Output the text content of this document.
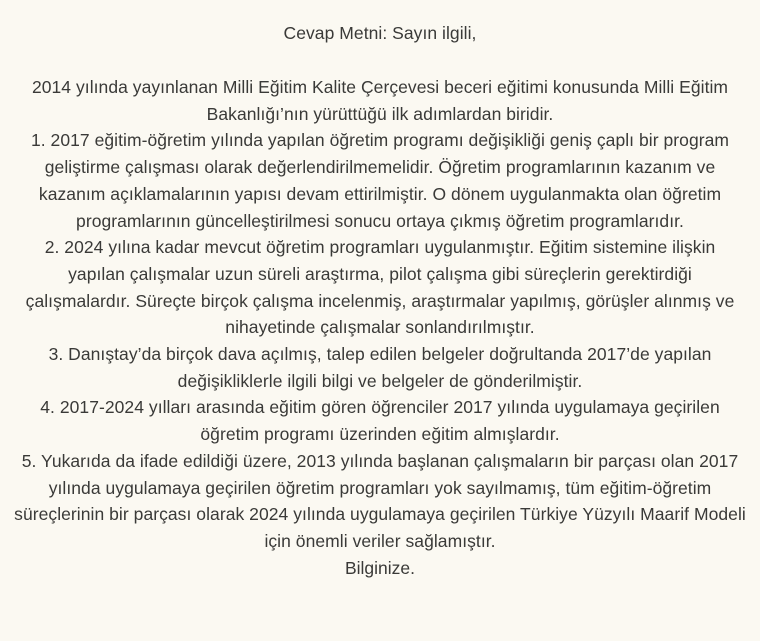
Cevap Metni: Sayın ilgili,

2014 yılında yayınlanan Milli Eğitim Kalite Çerçevesi beceri eğitimi konusunda Milli Eğitim Bakanlığı’nın yürüttüğü ilk adımlardan biridir.

1. 2017 eğitim-öğretim yılında yapılan öğretim programı değişikliği geniş çaplı bir program geliştirme çalışması olarak değerlendirilmemelidir. Öğretim programlarının kazanım ve kazanım açıklamalarının yapısı devam ettirilmiştir. O dönem uygulanmakta olan öğretim programlarının güncelleştirilmesi sonucu ortaya çıkmış öğretim programlarıdır.

2. 2024 yılına kadar mevcut öğretim programları uygulanmıştır. Eğitim sistemine ilişkin yapılan çalışmalar uzun süreli araştırma, pilot çalışma gibi süreçlerin gerektirdiği çalışmalardır. Süreçte birçok çalışma incelenmiş, araştırmalar yapılmış, görüşler alınmış ve nihayetinde çalışmalar sonlandırılmıştır.

3. Danıştay’da birçok dava açılmış, talep edilen belgeler doğrultanda 2017’de yapılan değişikliklerle ilgili bilgi ve belgeler de gönderilmiştir.

4. 2017-2024 yılları arasında eğitim gören öğrenciler 2017 yılında uygulamaya geçirilen öğretim programı üzerinden eğitim almışlardır.

5. Yukarıda da ifade edildiği üzere, 2013 yılında başlanan çalışmaların bir parçası olan 2017 yılında uygulamaya geçirilen öğretim programları yok sayılmamış, tüm eğitim-öğretim süreçlerinin bir parçası olarak 2024 yılında uygulamaya geçirilen Türkiye Yüzyılı Maarif Modeli için önemli veriler sağlamıştır.

Bilginize.
